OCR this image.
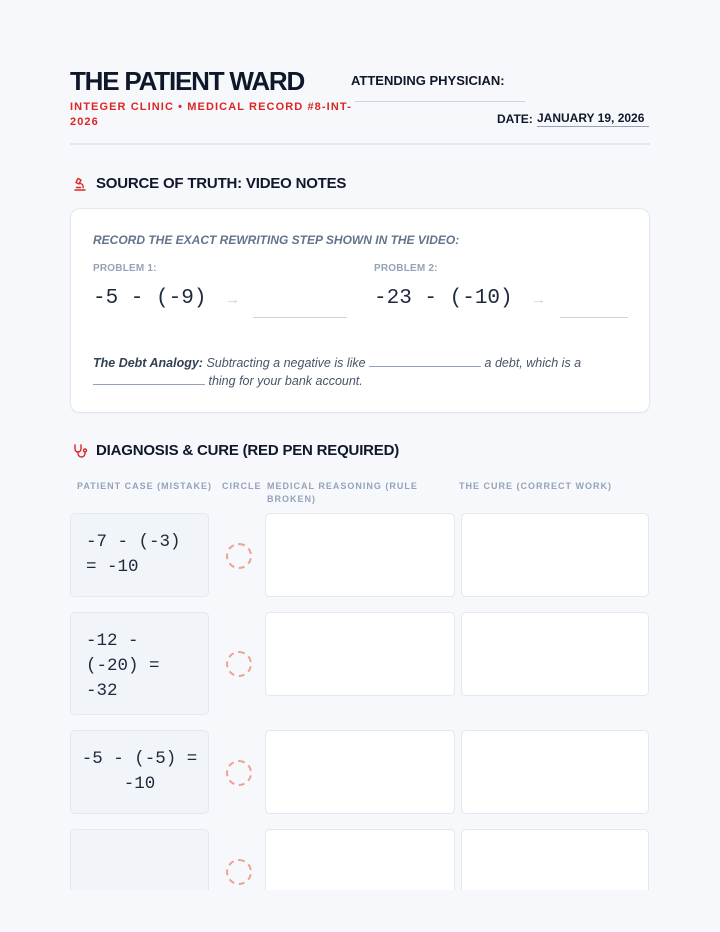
THE PATIENT WARD
INTEGER CLINIC • MEDICAL RECORD #8-INT-2026
ATTENDING PHYSICIAN:
DATE: JANUARY 19, 2026
SOURCE OF TRUTH: VIDEO NOTES
RECORD THE EXACT REWRITING STEP SHOWN IN THE VIDEO:
PROBLEM 1:
-5 - (-9) →
PROBLEM 2:
-23 - (-10) →
The Debt Analogy: Subtracting a negative is like	a debt, which is a  thing for your bank account.
DIAGNOSIS & CURE (RED PEN REQUIRED)
PATIENT CASE (MISTAKE)	CIRCLE MEDICAL REASONING (RULE BROKEN)
THE CURE (CORRECT WORK)
-7 - (-3) = -10
-12 - (-20) = -32
-5 - (-5) = -10
